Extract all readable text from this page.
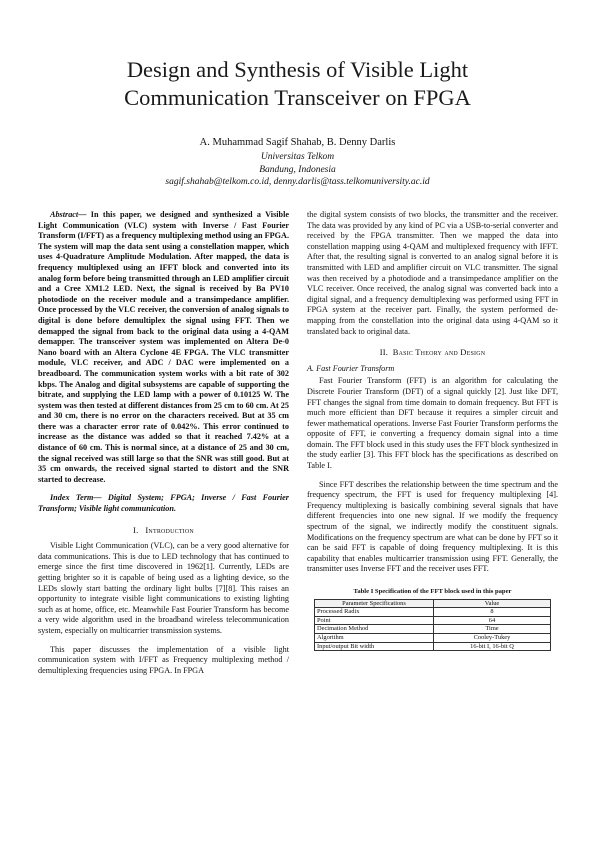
Design and Synthesis of Visible Light
Communication Transceiver on FPGA
A. Muhammad Sagif Shahab, B. Denny Darlis
Universitas Telkom
Bandung, Indonesia
sagif.shahab@telkom.co.id, denny.darlis@tass.telkomuniversity.ac.id

Abstract— In this paper, we designed and synthesized a Visible Light Communication (VLC) system with Inverse / Fast Fourier Transform (I/FFT) as a frequency multiplexing method using an FPGA. The system will map the data sent using a constellation mapper, which uses 4-Quadrature Amplitude Modulation. After mapped, the data is frequency multiplexed using an IFFT block and converted into its analog form before being transmitted through an LED amplifier circuit and a Cree XM1.2 LED. Next, the signal is received by Ba PV10 photodiode on the receiver module and a transimpedance amplifier. Once processed by the VLC receiver, the conversion of analog signals to digital is done before demultiplex the signal using FFT. Then we demapped the signal from back to the original data using a 4-QAM demapper. The transceiver system was implemented on Altera De-0 Nano board with an Altera Cyclone 4E FPGA. The VLC transmitter module, VLC receiver, and ADC / DAC were implemented on a breadboard. The communication system works with a bit rate of 302 kbps. The Analog and digital subsystems are capable of supporting the bitrate, and supplying the LED lamp with a power of 0.10125 W. The system was then tested at different distances from 25 cm to 60 cm. At 25 and 30 cm, there is no error on the characters received. But at 35 cm there was a character error rate of 0.042%. This error continued to increase as the distance was added so that it reached 7.42% at a distance of 60 cm. This is normal since, at a distance of 25 and 30 cm, the signal received was still large so that the SNR was still good. But at 35 cm onwards, the received signal started to distort and the SNR started to decrease.

Index Term— Digital System; FPGA; Inverse / Fast Fourier Transform; Visible light communication.

I. Introduction

Visible Light Communication (VLC), can be a very good alternative for data communications. This is due to LED technology that has continued to emerge since the first time discovered in 1962[1]. Currently, LEDs are getting brighter so it is capable of being used as a lighting device, so the LEDs slowly start batting the ordinary light bulbs [7][8]. This raises an opportunity to integrate visible light communications to existing lighting such as at home, office, etc. Meanwhile Fast Fourier Transform has become a very wide algorithm used in the broadband wireless telecommunication system, especially on multicarrier transmission systems.

This paper discusses the implementation of a visible light communication system with I/FFT as Frequency multiplexing method / demultiplexing frequencies using FPGA. In FPGA

the digital system consists of two blocks, the transmitter and the receiver. The data was provided by any kind of PC via a USB-to-serial converter and received by the FPGA transmitter. Then we mapped the data into constellation mapping using 4-QAM and multiplexed frequency with IFFT. After that, the resulting signal is converted to an analog signal before it is transmitted with LED and amplifier circuit on VLC transmitter. The signal was then received by a photodiode and a transimpedance amplifier on the VLC receiver. Once received, the analog signal was converted back into a digital signal, and a frequency demultiplexing was performed using FFT in FPGA system at the receiver part. Finally, the system performed de-mapping from the constellation into the original data using 4-QAM so it translated back to original data.

II. Basic Theory and Design
A. Fast Fourier Transform

Fast Fourier Transform (FFT) is an algorithm for calculating the Discrete Fourier Transform (DFT) of a signal quickly [2]. Just like DFT, FFT changes the signal from time domain to domain frequency. But FFT is much more efficient than DFT because it requires a simpler circuit and fewer mathematical operations. Inverse Fast Fourier Transform performs the opposite of FFT, ie converting a frequency domain signal into a time domain. The FFT block used in this study uses the FFT block synthesized in the study earlier [3]. This FFT block has the specifications as described on Table I.

Since FFT describes the relationship between the time spectrum and the frequency spectrum, the FFT is used for frequency multiplexing [4]. Frequency multiplexing is basically combining several signals that have different frequencies into one new signal. If we modify the frequency spectrum of the signal, we indirectly modify the constituent signals. Modifications on the frequency spectrum are what can be done by FFT so it can be said FFT is capable of doing frequency multiplexing. It is this capability that enables multicarrier transmission using FFT. Generally, the transmitter uses Inverse FFT and the receiver uses FFT.

Table I Specification of the FFT block used in this paper
Parameter Specifications	Value
Processed Radix	8
Point	64
Decimation Method	Time
Algorithm	Cooley-Tukey
Input/output Bit width	16-bit I, 16-bit Q
